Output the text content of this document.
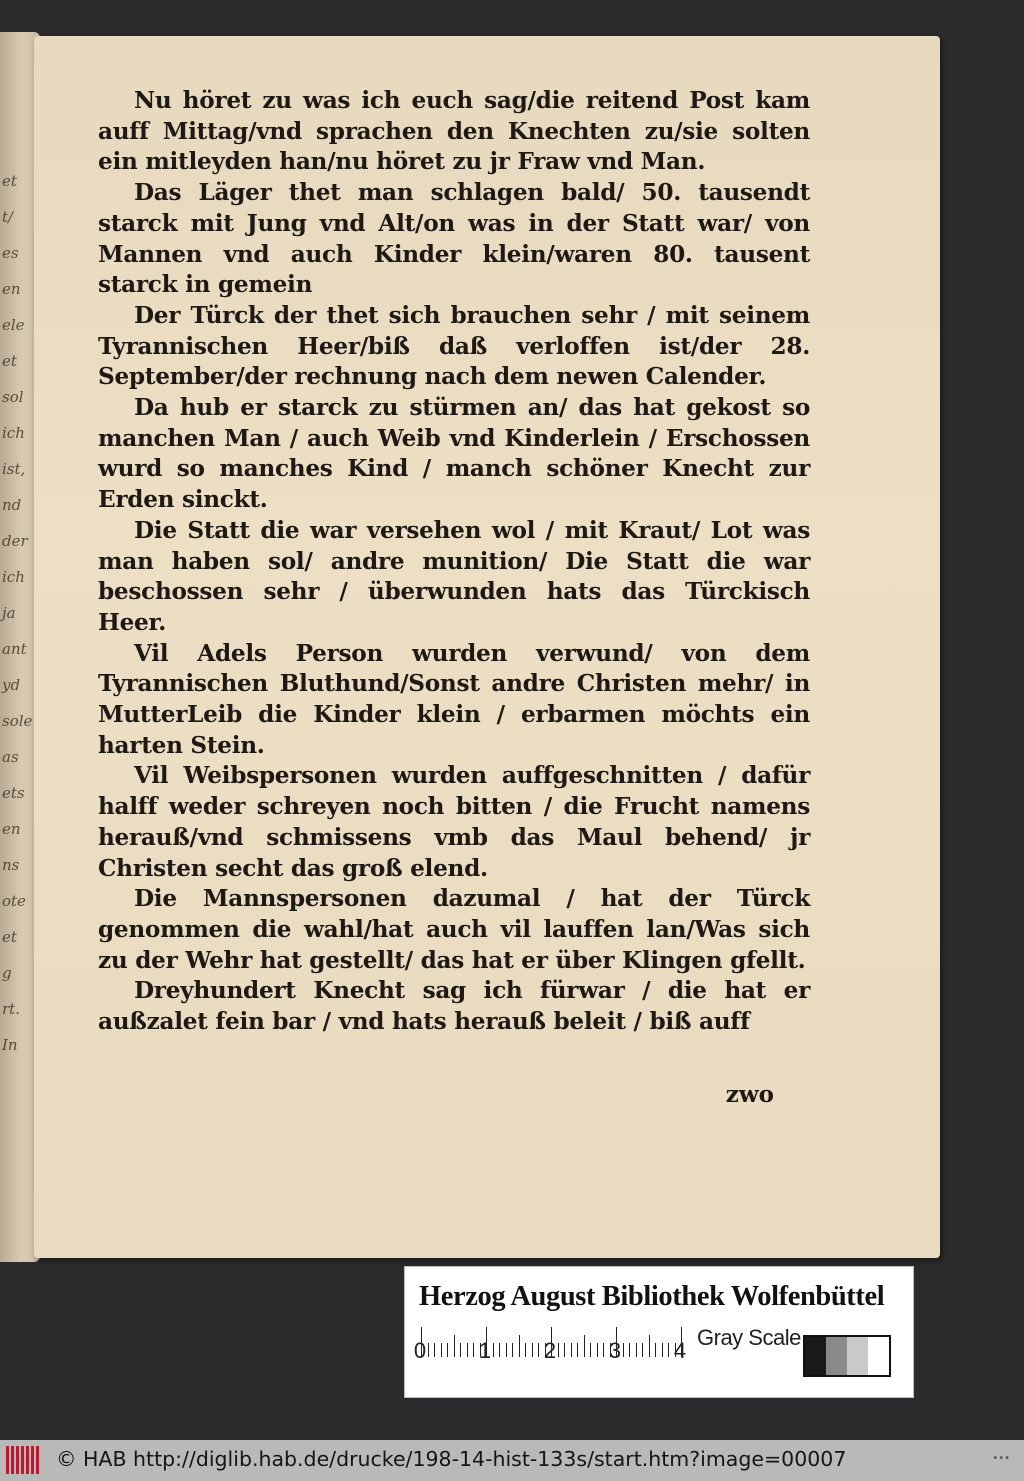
et
t/
es
en
ele
et
sol
ich
ist,
nd
der
ich
ja
ant
yd
sole
as
ets
en
ns
ote
et
g
rt.
In

Nu höret zu was ich euch sag/die reitend Post kam auff Mittag/vnd sprachen den Knechten zu/sie solten ein mitleyden han/nu höret zu jr Fraw vnd Man.

Das Läger thet man schlagen bald/ 50. tausendt starck mit Jung vnd Alt/on was in der Statt war/ von Mannen vnd auch Kinder klein/waren 80. tausent starck in gemein

Der Türck der thet sich brauchen sehr / mit seinem Tyrannischen Heer/biß daß verloffen ist/der 28. September/der rechnung nach dem newen Calender.

Da hub er starck zu stürmen an/ das hat gekost so manchen Man / auch Weib vnd Kinderlein / Erschossen wurd so manches Kind / manch schöner Knecht zur Erden sinckt.

Die Statt die war versehen wol / mit Kraut/ Lot was man haben sol/ andre munition/ Die Statt die war beschossen sehr / überwunden hats das Türckisch Heer.

Vil Adels Person wurden verwund/ von dem Tyrannischen Bluthund/Sonst andre Christen mehr/ in MutterLeib die Kinder klein / erbarmen möchts ein harten Stein.

Vil Weibspersonen wurden auffgeschnitten / dafür halff weder schreyen noch bitten / die Frucht namens herauß/vnd schmissens vmb das Maul behend/ jr Christen secht das groß elend.

Die Mannspersonen dazumal / hat der Türck genommen die wahl/hat auch vil lauffen lan/Was sich zu der Wehr hat gestellt/ das hat er über Klingen gfellt.

Dreyhundert Knecht sag ich fürwar / die hat er außzalet fein bar / vnd hats herauß beleit / biß auff

zwo
Herzog August Bibliothek Wolfenbüttel
Gray Scale
© HAB http://diglib.hab.de/drucke/198-14-hist-133s/start.htm?image=00007	•••
0 1 2 3 4
